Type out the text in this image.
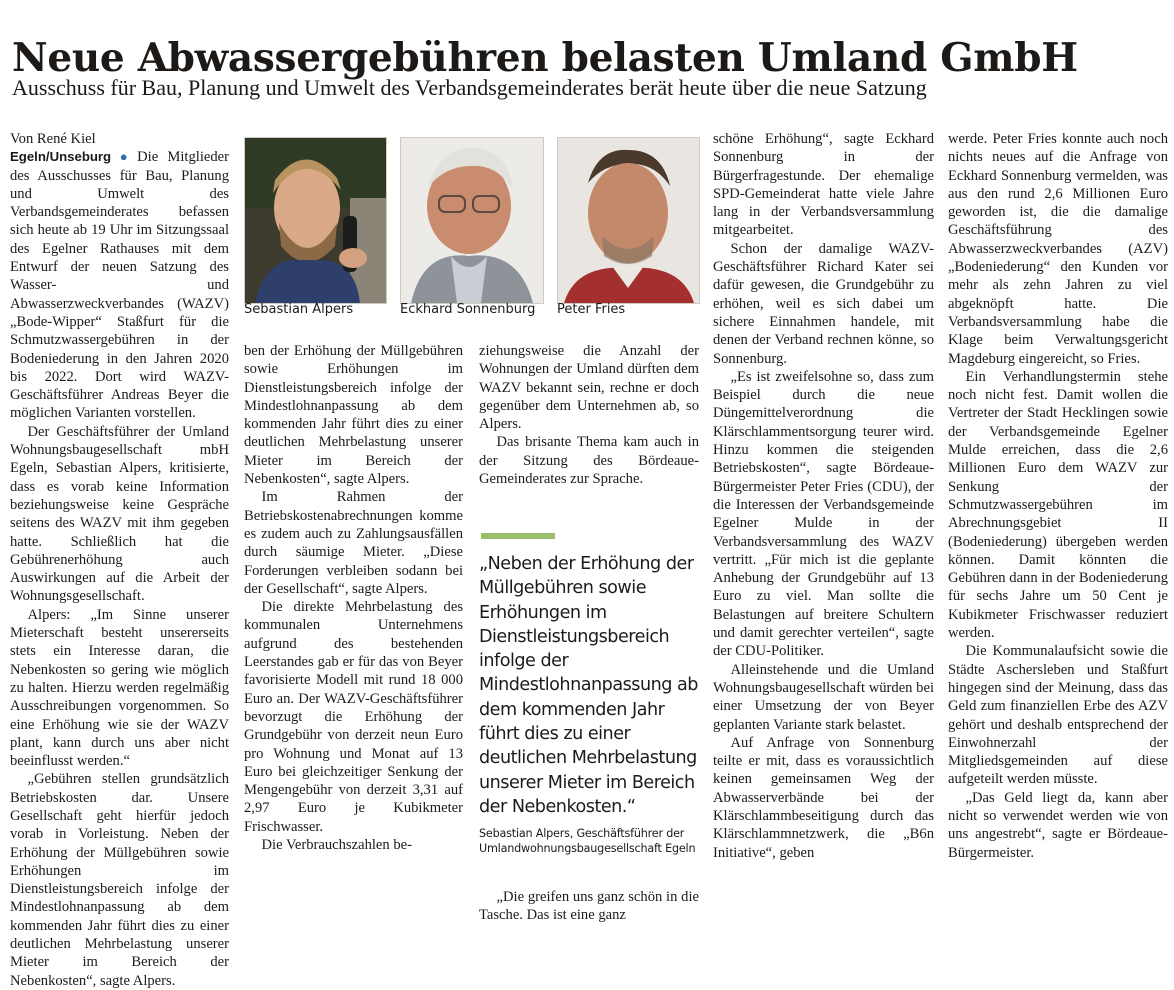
Neue Abwassergebühren belasten Umland GmbH
Ausschuss für Bau, Planung und Umwelt des Verbandsgemeinderates berät heute über die neue Satzung

Von René Kiel

Egeln/Unseburg ● Die Mitglieder des Ausschusses für Bau, Planung und Umwelt des Verbandsgemeinderates befassen sich heute ab 19 Uhr im Sitzungssaal des Egelner Rathauses mit dem Entwurf der neuen Satzung des Wasser- und Abwasserzweckverbandes (WAZV) „Bode-Wipper“ Staßfurt für die Schmutzwassergebühren in der Bodeniederung in den Jahren 2020 bis 2022. Dort wird WAZV-Geschäftsführer Andreas Beyer die möglichen Varianten vorstellen.

Der Geschäftsführer der Umland Wohnungsbaugesellschaft mbH Egeln, Sebastian Alpers, kritisierte, dass es vorab keine Information beziehungsweise keine Gespräche seitens des WAZV mit ihm gegeben hatte. Schließlich hat die Gebührenerhöhung auch Auswirkungen auf die Arbeit der Wohnungsgesellschaft.

Alpers: „Im Sinne unserer Mieterschaft besteht unsererseits stets ein Interesse daran, die Nebenkosten so gering wie möglich zu halten. Hierzu werden regelmäßig Ausschreibungen vorgenommen. So eine Erhöhung wie sie der WAZV plant, kann durch uns aber nicht beeinflusst werden.“

„Gebühren stellen grundsätzlich Betriebskosten dar. Unsere Gesellschaft geht hierfür jedoch vorab in Vorleistung. Neben der Erhöhung der Müllgebühren sowie Erhöhungen im Dienstleistungsbereich infolge der Mindestlohnanpassung ab dem kommenden Jahr führt dies zu einer deutlichen Mehrbelastung unserer Mieter im Bereich der Nebenkosten“, sagte Alpers.

Sebastian Alpers	Eckhard Sonnenburg Peter Fries

ben der Erhöhung der Müllgebühren sowie Erhöhungen im Dienstleistungsbereich infolge der Mindestlohnanpassung ab dem kommenden Jahr führt dies zu einer deutlichen Mehrbelastung unserer Mieter im Bereich der Nebenkosten“, sagte Alpers.

Im Rahmen der Betriebskostenabrechnungen komme es zudem auch zu Zahlungsausfällen durch säumige Mieter. „Diese Forderungen verbleiben sodann bei der Gesellschaft“, sagte Alpers.

Die direkte Mehrbelastung des kommunalen Unternehmens aufgrund des bestehenden Leerstandes gab er für das von Beyer favorisierte Modell mit rund 18 000 Euro an. Der WAZV-Geschäftsführer bevorzugt die Erhöhung der Grundgebühr von derzeit neun Euro pro Wohnung und Monat auf 13 Euro bei gleichzeitiger Senkung der Mengengebühr von derzeit 3,31 auf 2,97 Euro je Kubikmeter Frischwasser.

Die Verbrauchszahlen be-

ziehungsweise die Anzahl der Wohnungen der Umland dürften dem WAZV bekannt sein, rechne er doch gegenüber dem Unternehmen ab, so Alpers.

Das brisante Thema kam auch in der Sitzung des Bördeaue-Gemeinderates zur Sprache.

„Neben der Erhöhung der Müllgebühren sowie Erhöhungen im Dienstleistungsbereich infolge der Mindestlohnanpassung ab dem kommenden Jahr führt dies zu einer deutlichen Mehrbelastung unserer Mieter im Bereich der Nebenkosten.“
Sebastian Alpers, Geschäftsführer der Umlandwohnungsbaugesellschaft Egeln

„Die greifen uns ganz schön in die Tasche. Das ist eine ganz

schöne Erhöhung“, sagte Eckhard Sonnenburg in der Bürgerfragestunde. Der ehemalige SPD-Gemeinderat hatte viele Jahre lang in der Verbandsversammlung mitgearbeitet.

Schon der damalige WAZV-Geschäftsführer Richard Kater sei dafür gewesen, die Grundgebühr zu erhöhen, weil es sich dabei um sichere Einnahmen handele, mit denen der Verband rechnen könne, so Sonnenburg.

„Es ist zweifelsohne so, dass zum Beispiel durch die neue Düngemittelverordnung die Klärschlammentsorgung teurer wird. Hinzu kommen die steigenden Betriebskosten“, sagte Bördeaue-Bürgermeister Peter Fries (CDU), der die Interessen der Verbandsgemeinde Egelner Mulde in der Verbandsversammlung des WAZV vertritt. „Für mich ist die geplante Anhebung der Grundgebühr auf 13 Euro zu viel. Man sollte die Belastungen auf breitere Schultern und damit gerechter verteilen“, sagte der CDU-Politiker.

Alleinstehende und die Umland Wohnungsbaugesellschaft würden bei einer Umsetzung der von Beyer geplanten Variante stark belastet.

Auf Anfrage von Sonnenburg teilte er mit, dass es voraussichtlich keinen gemeinsamen Weg der Abwasserverbände bei der Klärschlammbeseitigung durch das Klärschlammnetzwerk, die „B6n Initiative“, geben

werde. Peter Fries konnte auch noch nichts neues auf die Anfrage von Eckhard Sonnenburg vermelden, was aus den rund 2,6 Millionen Euro geworden ist, die die damalige Geschäftsführung des Abwasserzweckverbandes (AZV) „Bodeniederung“ den Kunden vor mehr als zehn Jahren zu viel abgeknöpft hatte. Die Verbandsversammlung habe die Klage beim Verwaltungsgericht Magdeburg eingereicht, so Fries.

Ein Verhandlungstermin stehe noch nicht fest. Damit wollen die Vertreter der Stadt Hecklingen sowie der Verbandsgemeinde Egelner Mulde erreichen, dass die 2,6 Millionen Euro dem WAZV zur Senkung der Schmutzwassergebühren im Abrechnungsgebiet II (Bodeniederung) übergeben werden können. Damit könnten die Gebühren dann in der Bodeniederung für sechs Jahre um 50 Cent je Kubikmeter Frischwasser reduziert werden.

Die Kommunalaufsicht sowie die Städte Aschersleben und Staßfurt hingegen sind der Meinung, dass das Geld zum finanziellen Erbe des AZV gehört und deshalb entsprechend der Einwohnerzahl der Mitgliedsgemeinden auf diese aufgeteilt werden müsste.

„Das Geld liegt da, kann aber nicht so verwendet werden wie von uns angestrebt“, sagte er Bördeaue-Bürgermeister.
